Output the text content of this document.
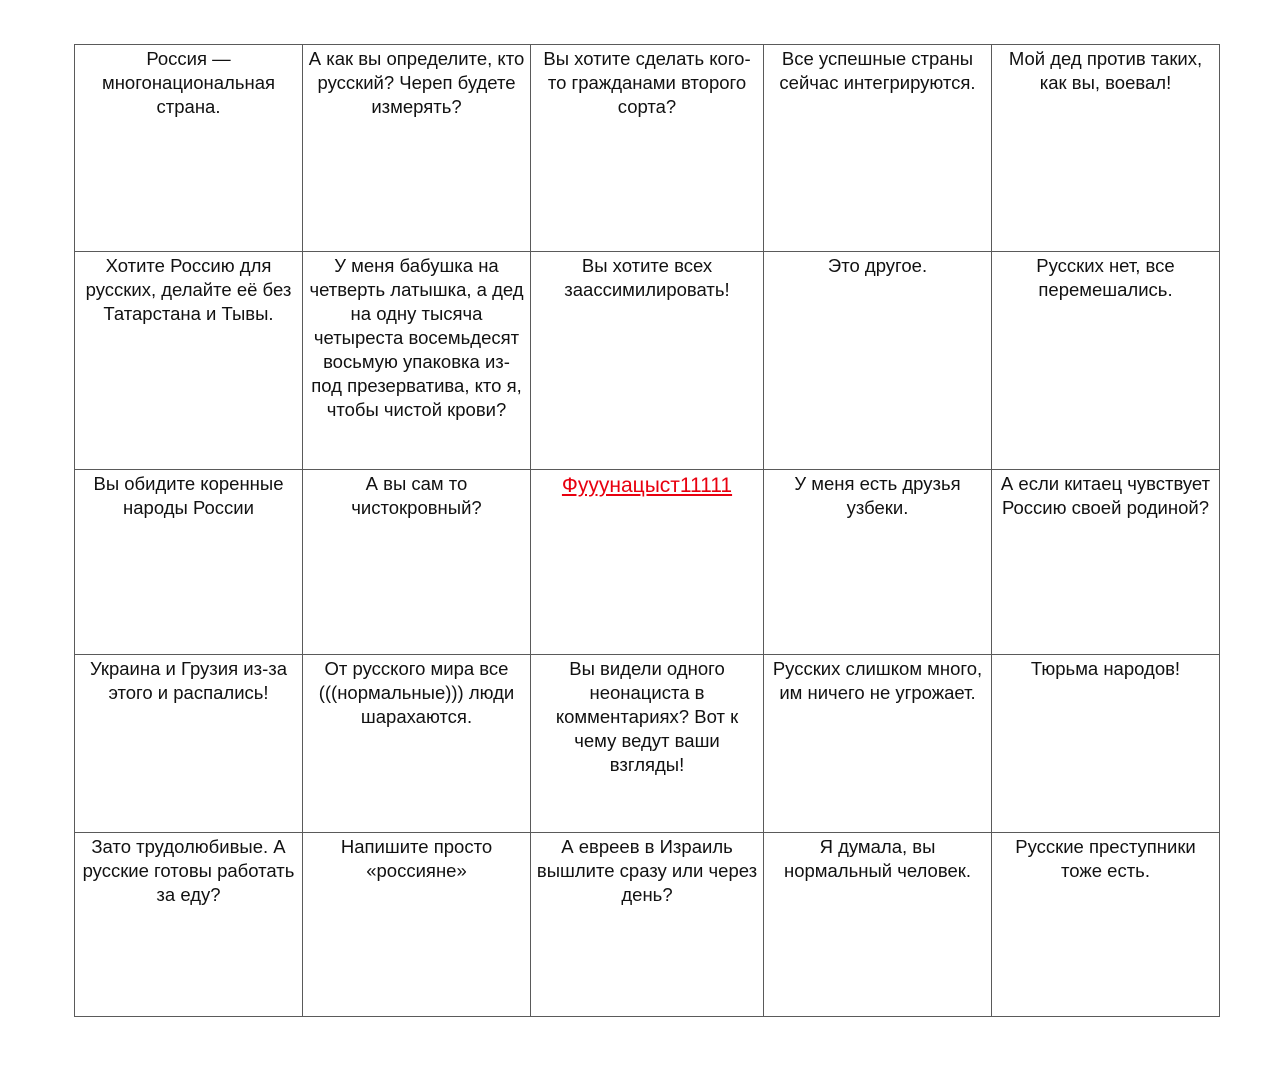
Россия — многонациональная страна.	А как вы определите, кто русский? Череп будете измерять?	Вы хотите сделать кого-то гражданами второго сорта?	Все успешные страны сейчас интегрируются.	Мой дед против таких, как вы, воевал!

Хотите Россию для русских, делайте её без Татарстана и Тывы.	У меня бабушка на четверть латышка, а дед на одну тысяча четыреста восемьдесят восьмую упаковка из-под презерватива, кто я, чтобы чистой крови?	Вы хотите всех заассимилировать!	Это другое.	Русских нет, все перемешались.

Вы обидите коренные народы России	А вы сам то чистокровный?	Фууунацыст11111	У меня есть друзья узбеки.	А если китаец чувствует Россию своей родиной?

Украина и Грузия из-за этого и распались!	От русского мира все (((нормальные))) люди шарахаются.	Вы видели одного неонациста в комментариях? Вот к чему ведут ваши взгляды!	Русских слишком много, им ничего не угрожает.	Тюрьма народов!

Зато трудолюбивые. А русские готовы работать за еду?	Напишите просто «россияне»	А евреев в Израиль вышлите сразу или через день?	Я думала, вы нормальный человек.	Русские преступники тоже есть.
